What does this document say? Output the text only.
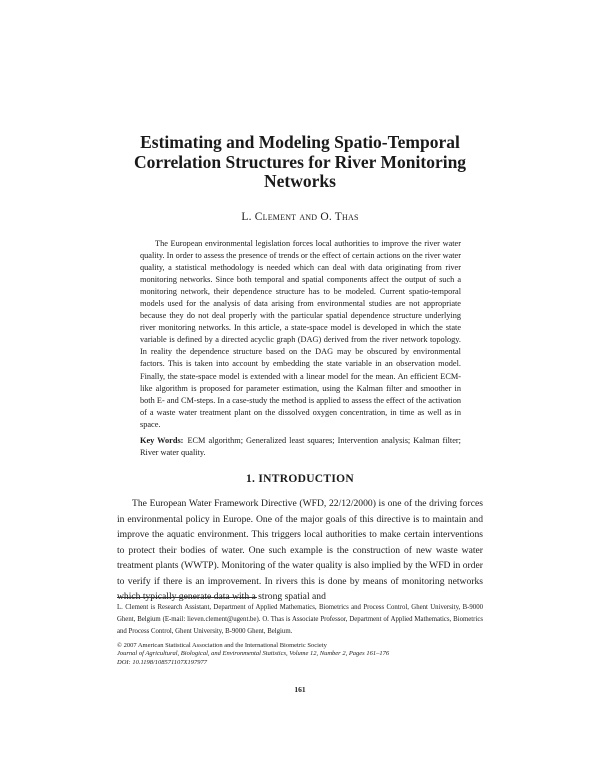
Estimating and Modeling Spatio-Temporal Correlation Structures for River Monitoring Networks
L. Clement and O. Thas

The European environmental legislation forces local authorities to improve the river water quality. In order to assess the presence of trends or the effect of certain actions on the river water quality, a statistical methodology is needed which can deal with data originating from river monitoring networks. Since both temporal and spatial components affect the output of such a monitoring network, their dependence structure has to be modeled. Current spatio-temporal models used for the analysis of data arising from environmental studies are not appropriate because they do not deal properly with the particular spatial dependence structure underlying river monitoring networks. In this article, a state-space model is developed in which the state variable is defined by a directed acyclic graph (DAG) derived from the river network topology. In reality the dependence structure based on the DAG may be obscured by environmental factors. This is taken into account by embedding the state variable in an observation model. Finally, the state-space model is extended with a linear model for the mean. An efficient ECM-like algorithm is proposed for parameter estimation, using the Kalman filter and smoother in both E- and CM-steps. In a case-study the method is applied to assess the effect of the activation of a waste water treatment plant on the dissolved oxygen concentration, in time as well as in space.

Key Words: ECM algorithm; Generalized least squares; Intervention analysis; Kalman filter; River water quality.

1. INTRODUCTION

The European Water Framework Directive (WFD, 22/12/2000) is one of the driving forces in environmental policy in Europe. One of the major goals of this directive is to maintain and improve the aquatic environment. This triggers local authorities to make certain interventions to protect their bodies of water. One such example is the construction of new waste water treatment plants (WWTP). Monitoring of the water quality is also implied by the WFD in order to verify if there is an improvement. In rivers this is done by means of monitoring networks which typically generate data with a strong spatial and

L. Clement is Research Assistant, Department of Applied Mathematics, Biometrics and Process Control, Ghent University, B-9000 Ghent, Belgium (E-mail: lieven.clement@ugent.be). O. Thas is Associate Professor, Department of Applied Mathematics, Biometrics and Process Control, Ghent University, B-9000 Ghent, Belgium.

© 2007 American Statistical Association and the International Biometric Society
Journal of Agricultural, Biological, and Environmental Statistics, Volume 12, Number 2, Pages 161–176
DOI: 10.1198/108571107X197977

161
